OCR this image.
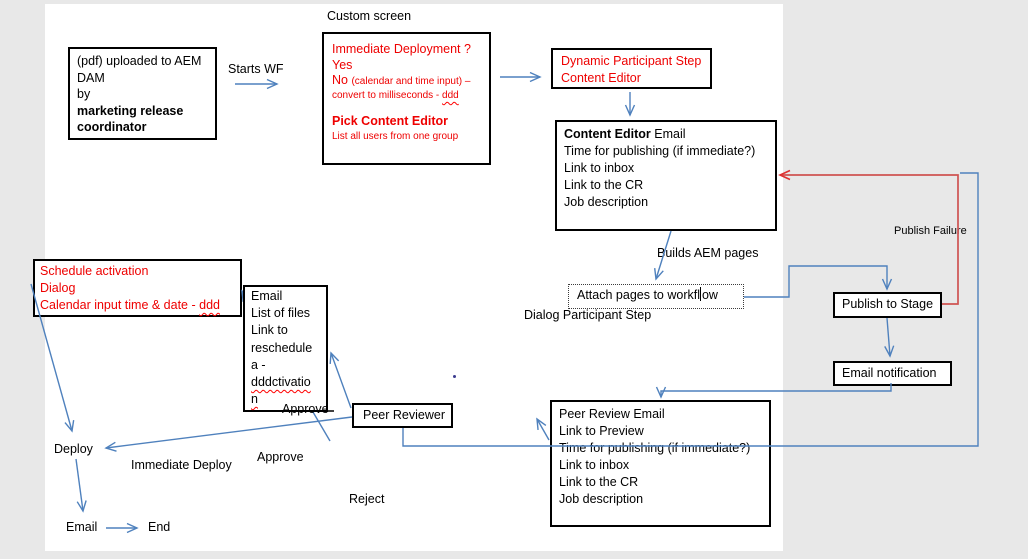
Schedule activation
Dialog
Calendar input time & date - ddd
(pdf) uploaded to AEM
DAM
by
marketing release
coordinator
Immediate Deployment ?
Yes
No (calendar and time input) –
convert to milliseconds - ddd
Pick Content Editor
List all users from one group
Dynamic Participant Step
Content Editor
Content Editor Email
Time for publishing (if immediate?)
Link to inbox
Link to the CR
Job description
Attach pages to workfl ow
Publish to Stage
Email notification
Email
List of files
Link to
reschedule
a -
dddctivatio
n
Peer Reviewer	Peer Review Email
Link to Preview
Time for publishing (if immediate?)
Link to inbox
Link to the CR
Job description
Custom screen
Starts WF
Builds AEM pages
Dialog Participant Step
Publish Failure
Approve
Approve
Immediate Deploy
Reject
Deploy
Email	End
